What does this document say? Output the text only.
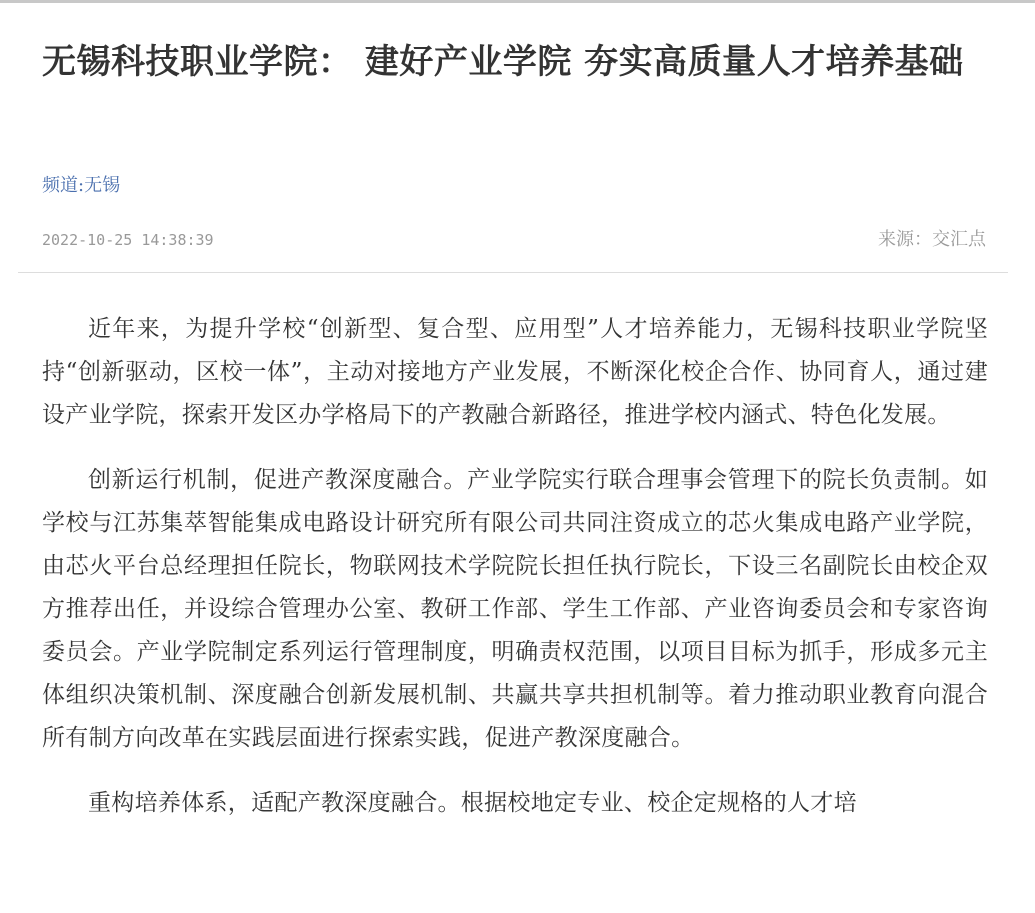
无锡科技职业学院： 建好产业学院 夯实高质量人才培养基础
频道:无锡
2022-10-25 14:38:39	来源：交汇点

近年来，为提升学校“创新型、复合型、应用型”人才培养能力，无锡科技职业学院坚持“创新驱动，区校一体”，主动对接地方产业发展，不断深化校企合作、协同育人，通过建设产业学院，探索开发区办学格局下的产教融合新路径，推进学校内涵式、特色化发展。

创新运行机制，促进产教深度融合。产业学院实行联合理事会管理下的院长负责制。如学校与江苏集萃智能集成电路设计研究所有限公司共同注资成立的芯火集成电路产业学院，由芯火平台总经理担任院长，物联网技术学院院长担任执行院长，下设三名副院长由校企双方推荐出任，并设综合管理办公室、教研工作部、学生工作部、产业咨询委员会和专家咨询委员会。产业学院制定系列运行管理制度，明确责权范围，以项目目标为抓手，形成多元主体组织决策机制、深度融合创新发展机制、共赢共享共担机制等。着力推动职业教育向混合所有制方向改革在实践层面进行探索实践，促进产教深度融合。

重构培养体系，适配产教深度融合。根据校地定专业、校企定规格的人才培
